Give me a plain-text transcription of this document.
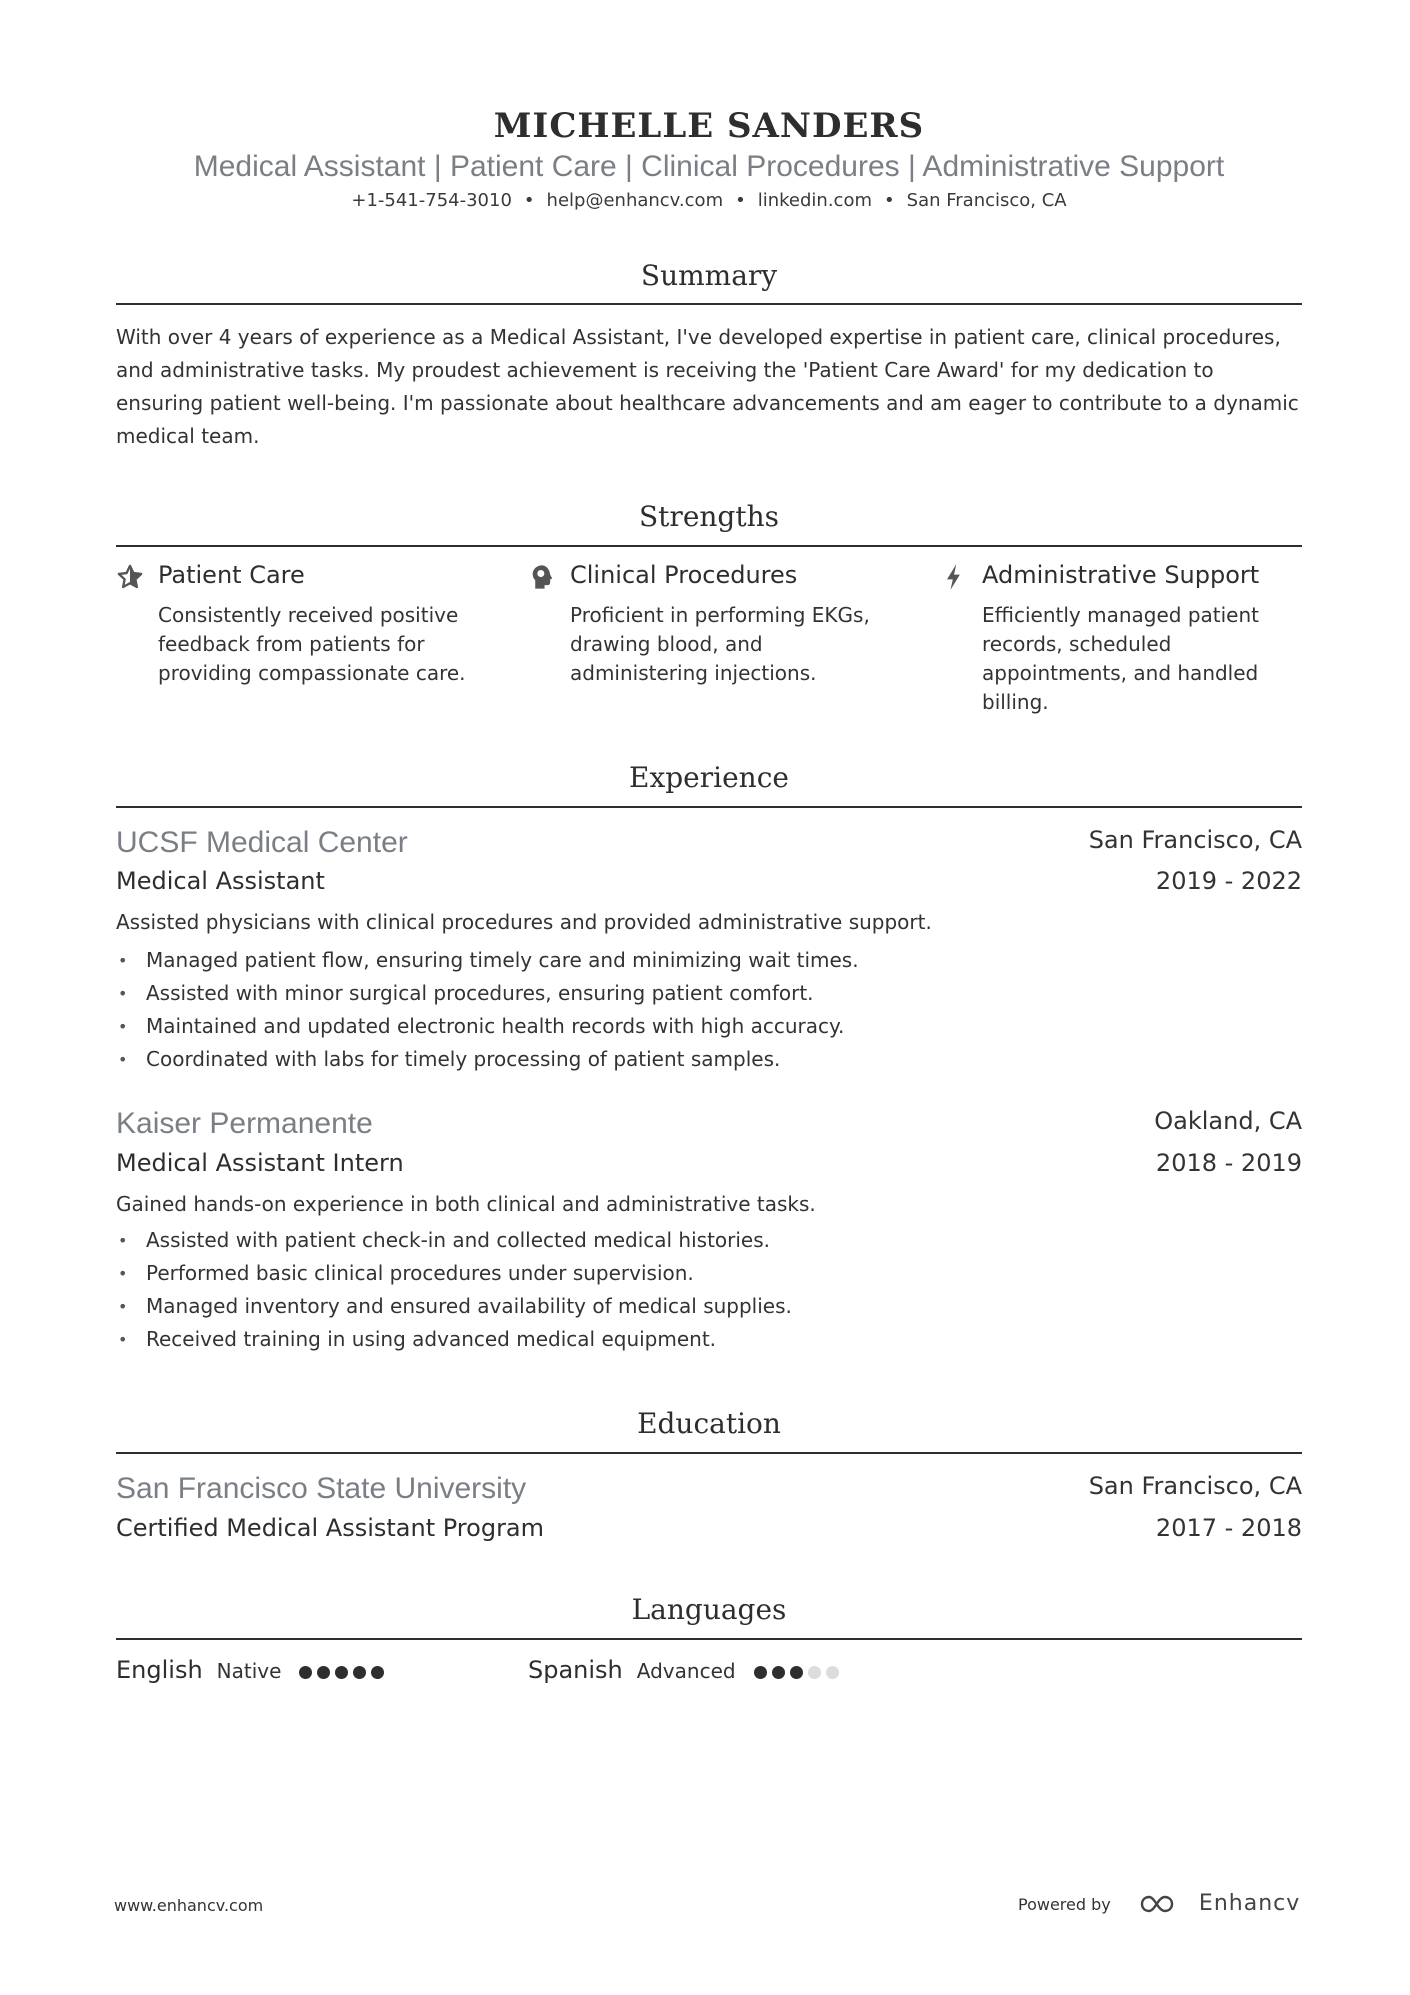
MICHELLE SANDERS
Medical Assistant | Patient Care | Clinical Procedures | Administrative Support
+1-541-754-3010 • help@enhancv.com • linkedin.com • San Francisco, CA
Summary
With over 4 years of experience as a Medical Assistant, I've developed expertise in patient care, clinical procedures, and administrative tasks. My proudest achievement is receiving the 'Patient Care Award' for my dedication to ensuring patient well-being. I'm passionate about healthcare advancements and am eager to contribute to a dynamic medical team.
Strengths
Patient Care
Consistently received positive feedback from patients for providing compassionate care.
Clinical Procedures
Proficient in performing EKGs, drawing blood, and administering injections.
Administrative Support
Efficiently managed patient records, scheduled appointments, and handled billing.
Experience
UCSF Medical Center	San Francisco, CA
Medical Assistant	2019 - 2022
Assisted physicians with clinical procedures and provided administrative support.
• Managed patient flow, ensuring timely care and minimizing wait times.
• Assisted with minor surgical procedures, ensuring patient comfort.
• Maintained and updated electronic health records with high accuracy.
• Coordinated with labs for timely processing of patient samples.
Kaiser Permanente	Oakland, CA
Medical Assistant Intern	2018 - 2019
Gained hands-on experience in both clinical and administrative tasks.
• Assisted with patient check-in and collected medical histories.
• Performed basic clinical procedures under supervision.
• Managed inventory and ensured availability of medical supplies.
• Received training in using advanced medical equipment.
Education
San Francisco State University	San Francisco, CA
Certified Medical Assistant Program	2017 - 2018
Languages
English Native	Spanish Advanced
www.enhancv.com	Powered by	Enhancv
